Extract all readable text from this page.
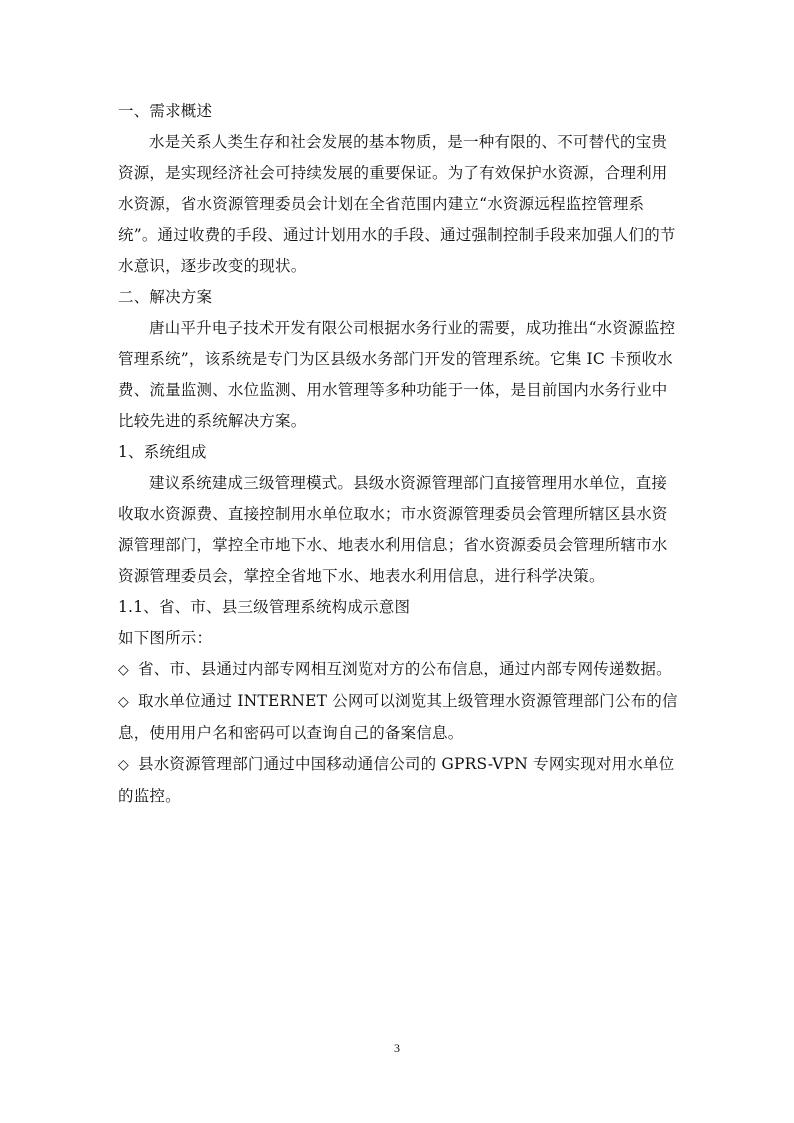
一、需求概述

水是关系人类生存和社会发展的基本物质，是一种有限的、不可替代的宝贵资源，是实现经济社会可持续发展的重要保证。为了有效保护水资源，合理利用水资源，省水资源管理委员会计划在全省范围内建立“水资源远程监控管理系统”。通过收费的手段、通过计划用水的手段、通过强制控制手段来加强人们的节水意识，逐步改变的现状。

二、解决方案

唐山平升电子技术开发有限公司根据水务行业的需要，成功推出“水资源监控管理系统”，该系统是专门为区县级水务部门开发的管理系统。它集 IC 卡预收水费、流量监测、水位监测、用水管理等多种功能于一体，是目前国内水务行业中比较先进的系统解决方案。

1、系统组成

建议系统建成三级管理模式。县级水资源管理部门直接管理用水单位，直接收取水资源费、直接控制用水单位取水；市水资源管理委员会管理所辖区县水资源管理部门，掌控全市地下水、地表水利用信息；省水资源委员会管理所辖市水资源管理委员会，掌控全省地下水、地表水利用信息，进行科学决策。

1.1、省、市、县三级管理系统构成示意图

如下图所示：

◇ 省、市、县通过内部专网相互浏览对方的公布信息，通过内部专网传递数据。

◇ 取水单位通过 INTERNET 公网可以浏览其上级管理水资源管理部门公布的信息，使用用户名和密码可以查询自己的备案信息。

◇ 县水资源管理部门通过中国移动通信公司的 GPRS-VPN 专网实现对用水单位的监控。

3
